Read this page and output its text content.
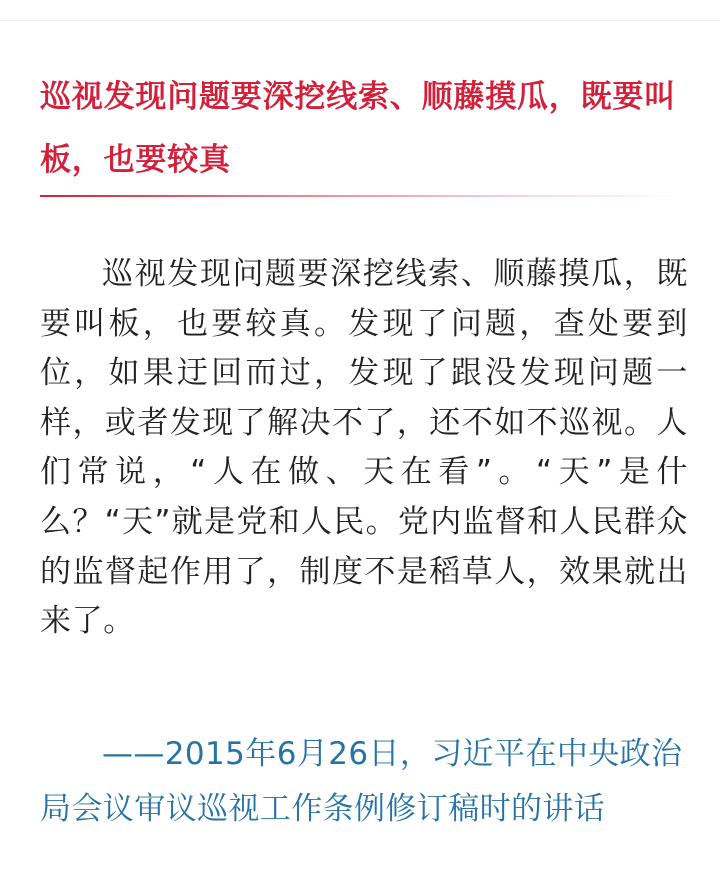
巡视发现问题要深挖线索、顺藤摸瓜，既要叫板，也要较真

巡视发现问题要深挖线索、顺藤摸瓜，既要叫板，也要较真。发现了问题，查处要到位，如果迂回而过，发现了跟没发现问题一样，或者发现了解决不了，还不如不巡视。人们常说，“人在做、天在看”。“天”是什么？“天”就是党和人民。党内监督和人民群众的监督起作用了，制度不是稻草人，效果就出来了。

——2015年6月26日，习近平在中央政治局会议审议巡视工作条例修订稿时的讲话
